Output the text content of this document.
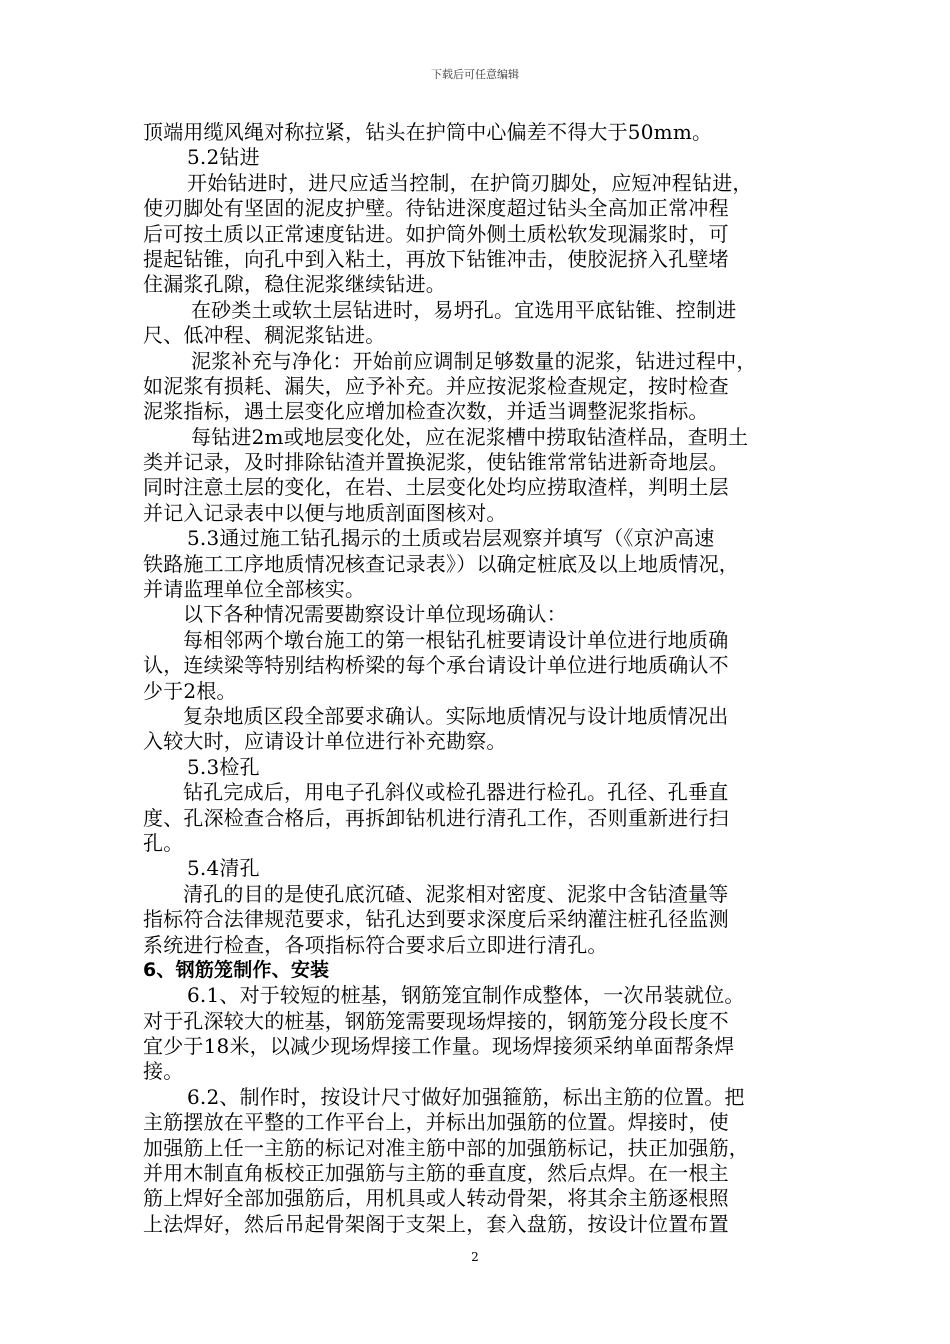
下载后可任意编辑
顶端用缆风绳对称拉紧，钻头在护筒中心偏差不得大于50mm。
5.2钻进
开始钻进时，进尺应适当控制，在护筒刃脚处，应短冲程钻进，
使刃脚处有坚固的泥皮护壁。待钻进深度超过钻头全高加正常冲程
后可按土质以正常速度钻进。如护筒外侧土质松软发现漏浆时，可
提起钻锥，向孔中到入粘土，再放下钻锥冲击，使胶泥挤入孔壁堵
住漏浆孔隙，稳住泥浆继续钻进。
在砂类土或软土层钻进时，易坍孔。宜选用平底钻锥、控制进
尺、低冲程、稠泥浆钻进。
泥浆补充与净化：开始前应调制足够数量的泥浆，钻进过程中，
如泥浆有损耗、漏失，应予补充。并应按泥浆检查规定，按时检查
泥浆指标，遇土层变化应增加检查次数，并适当调整泥浆指标。
每钻进2m或地层变化处，应在泥浆槽中捞取钻渣样品，查明土
类并记录，及时排除钻渣并置换泥浆，使钻锥常常钻进新奇地层。
同时注意土层的变化，在岩、土层变化处均应捞取渣样，判明土层
并记入记录表中以便与地质剖面图核对。
5.3通过施工钻孔揭示的土质或岩层观察并填写（《京沪高速
铁路施工工序地质情况核查记录表》）以确定桩底及以上地质情况，
并请监理单位全部核实。
以下各种情况需要勘察设计单位现场确认：
每相邻两个墩台施工的第一根钻孔桩要请设计单位进行地质确
认，连续梁等特别结构桥梁的每个承台请设计单位进行地质确认不
少于2根。
复杂地质区段全部要求确认。实际地质情况与设计地质情况出
入较大时，应请设计单位进行补充勘察。
5.3检孔
钻孔完成后，用电子孔斜仪或检孔器进行检孔。孔径、孔垂直
度、孔深检查合格后，再拆卸钻机进行清孔工作，否则重新进行扫
孔。
5.4清孔
清孔的目的是使孔底沉碴、泥浆相对密度、泥浆中含钻渣量等
指标符合法律规范要求，钻孔达到要求深度后采纳灌注桩孔径监测
系统进行检查，各项指标符合要求后立即进行清孔。
6、钢筋笼制作、安装
6.1、对于较短的桩基，钢筋笼宜制作成整体，一次吊装就位。
对于孔深较大的桩基，钢筋笼需要现场焊接的，钢筋笼分段长度不
宜少于18米，以减少现场焊接工作量。现场焊接须采纳单面帮条焊
接。
6.2、制作时，按设计尺寸做好加强箍筋，标出主筋的位置。把
主筋摆放在平整的工作平台上，并标出加强筋的位置。焊接时，使
加强筋上任一主筋的标记对准主筋中部的加强筋标记，扶正加强筋，
并用木制直角板校正加强筋与主筋的垂直度，然后点焊。在一根主
筋上焊好全部加强筋后，用机具或人转动骨架，将其余主筋逐根照
上法焊好，然后吊起骨架阁于支架上，套入盘筋，按设计位置布置
2
